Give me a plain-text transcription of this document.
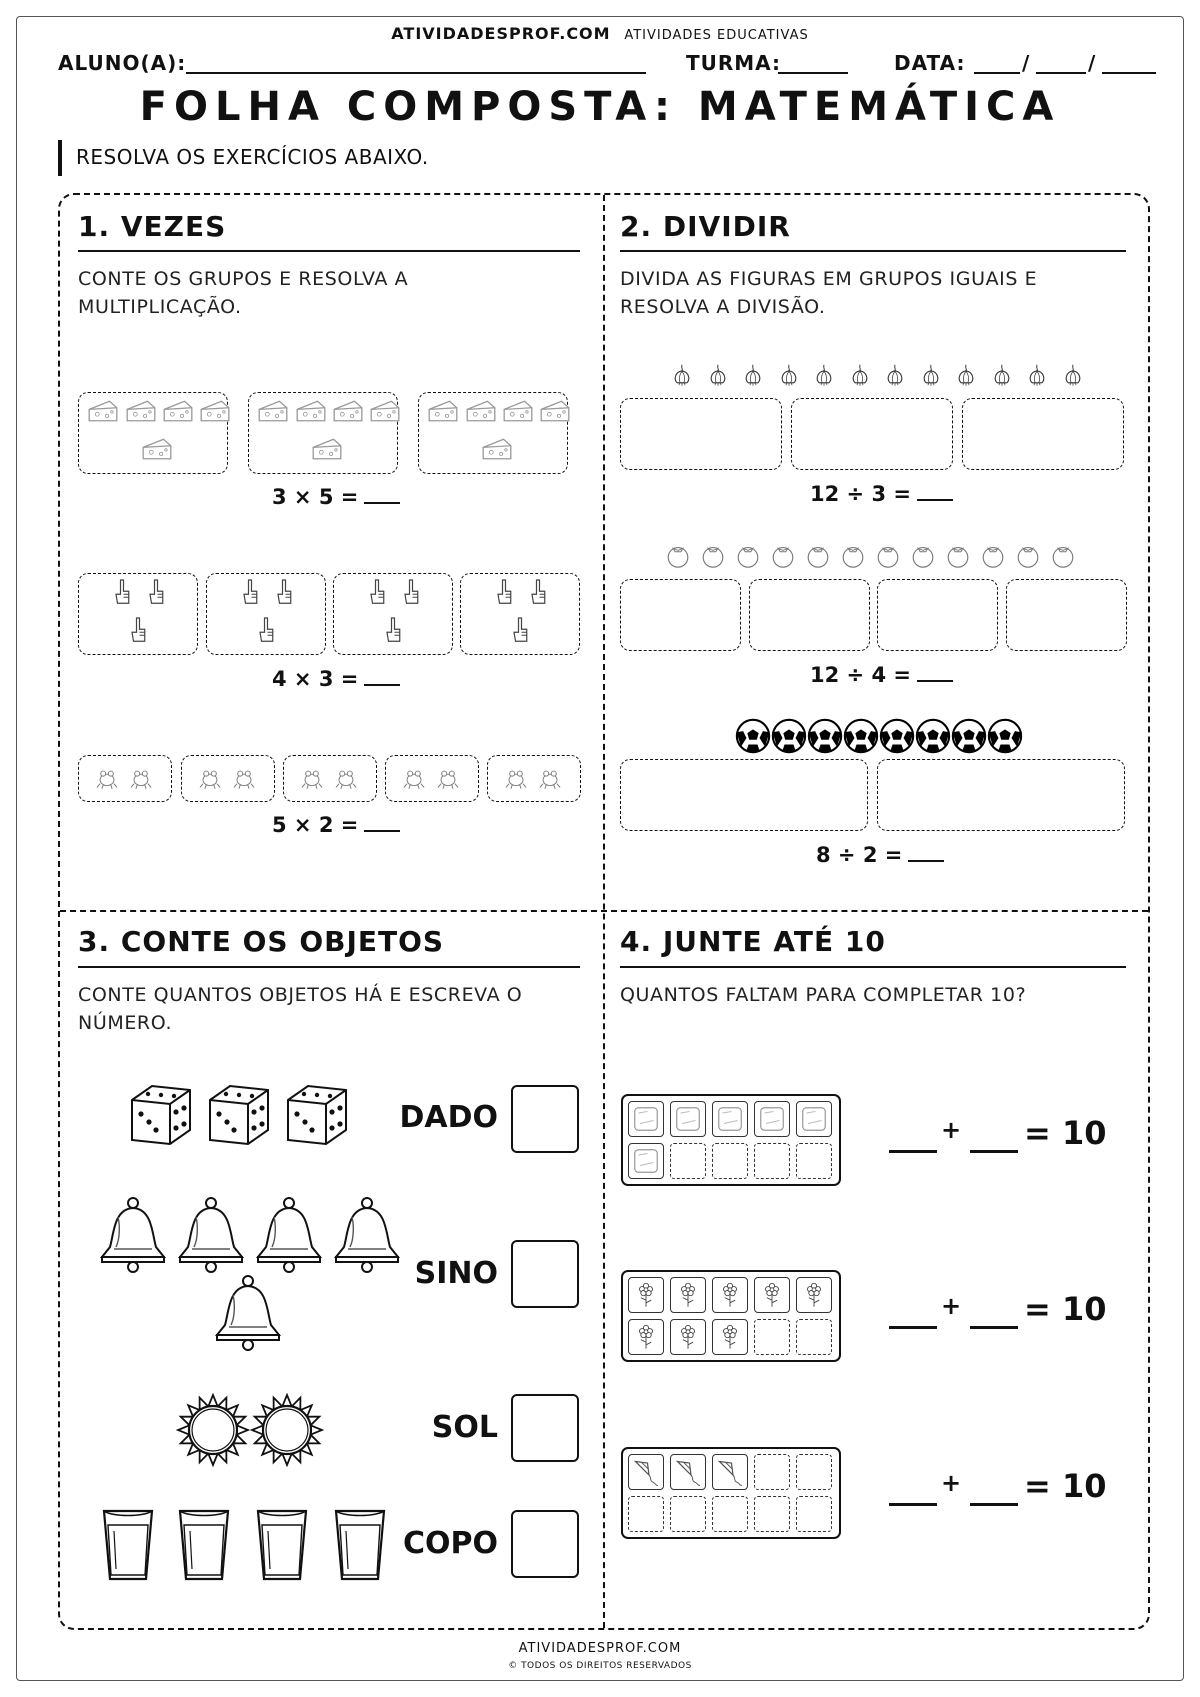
ATIVIDADESPROF.COM ATIVIDADES EDUCATIVAS
ALUNO(A):	TURMA:	DATA:	/	/
FOLHA COMPOSTA: MATEMÁTICA
RESOLVA OS EXERCÍCIOS ABAIXO.
1. VEZES
CONTE OS GRUPOS E RESOLVA A MULTIPLICAÇÃO.
3 × 5 =
4 × 3 =
5 × 2 =
2. DIVIDIR
DIVIDA AS FIGURAS EM GRUPOS IGUAIS E RESOLVA A DIVISÃO.
12 ÷ 3 =
12 ÷ 4 =
8 ÷ 2 =
3. CONTE OS OBJETOS
CONTE QUANTOS OBJETOS HÁ E ESCREVA O NÚMERO.
DADO
SINO
SOL
COPO
4. JUNTE ATÉ 10
QUANTOS FALTAM PARA COMPLETAR 10?
+ = 10
+ = 10
+ = 10
ATIVIDADESPROF.COM
© TODOS OS DIREITOS RESERVADOS
